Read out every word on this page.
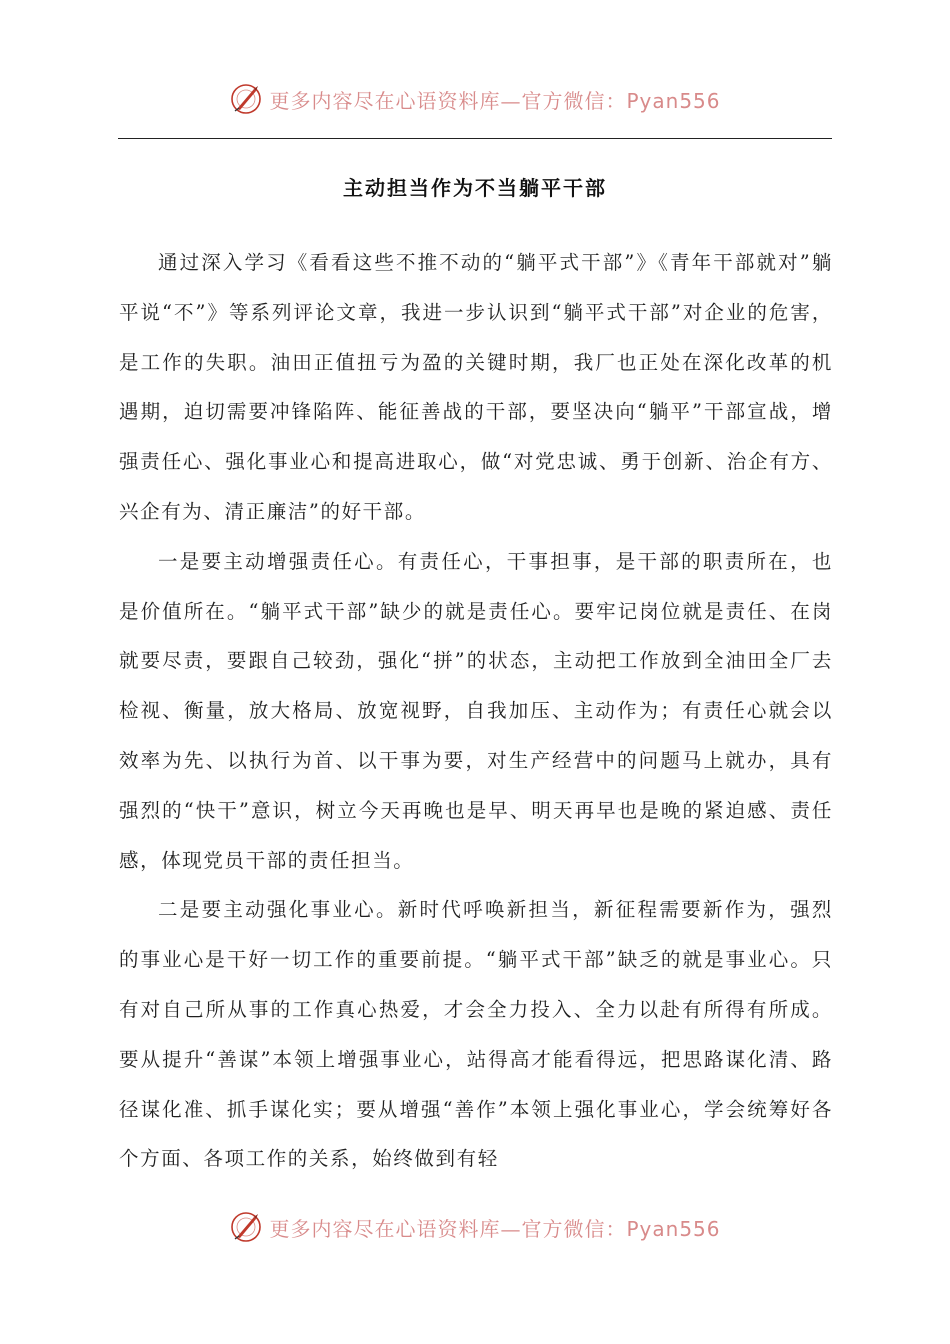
更多内容尽在心语资料库—官方微信：Pyan556
主动担当作为不当躺平干部

通过深入学习《看看这些不推不动的“躺平式干部”》《青年干部就对”躺平说“不”》等系列评论文章，我进一步认识到“躺平式干部”对企业的危害，是工作的失职。油田正值扭亏为盈的关键时期，我厂也正处在深化改革的机遇期，迫切需要冲锋陷阵、能征善战的干部，要坚决向“躺平”干部宣战，增强责任心、强化事业心和提高进取心，做“对党忠诚、勇于创新、治企有方、兴企有为、清正廉洁”的好干部。

一是要主动增强责任心。有责任心，干事担事，是干部的职责所在，也是价值所在。“躺平式干部”缺少的就是责任心。要牢记岗位就是责任、在岗就要尽责，要跟自己较劲，强化“拼”的状态，主动把工作放到全油田全厂去检视、衡量，放大格局、放宽视野，自我加压、主动作为；有责任心就会以效率为先、以执行为首、以干事为要，对生产经营中的问题马上就办，具有强烈的“快干”意识，树立今天再晚也是早、明天再早也是晚的紧迫感、责任感，体现党员干部的责任担当。

二是要主动强化事业心。新时代呼唤新担当，新征程需要新作为，强烈的事业心是干好一切工作的重要前提。“躺平式干部”缺乏的就是事业心。只有对自己所从事的工作真心热爱，才会全力投入、全力以赴有所得有所成。要从提升“善谋”本领上增强事业心，站得高才能看得远，把思路谋化清、路径谋化准、抓手谋化实；要从增强“善作”本领上强化事业心，学会统筹好各个方面、各项工作的关系，始终做到有轻

更多内容尽在心语资料库—官方微信：Pyan556
